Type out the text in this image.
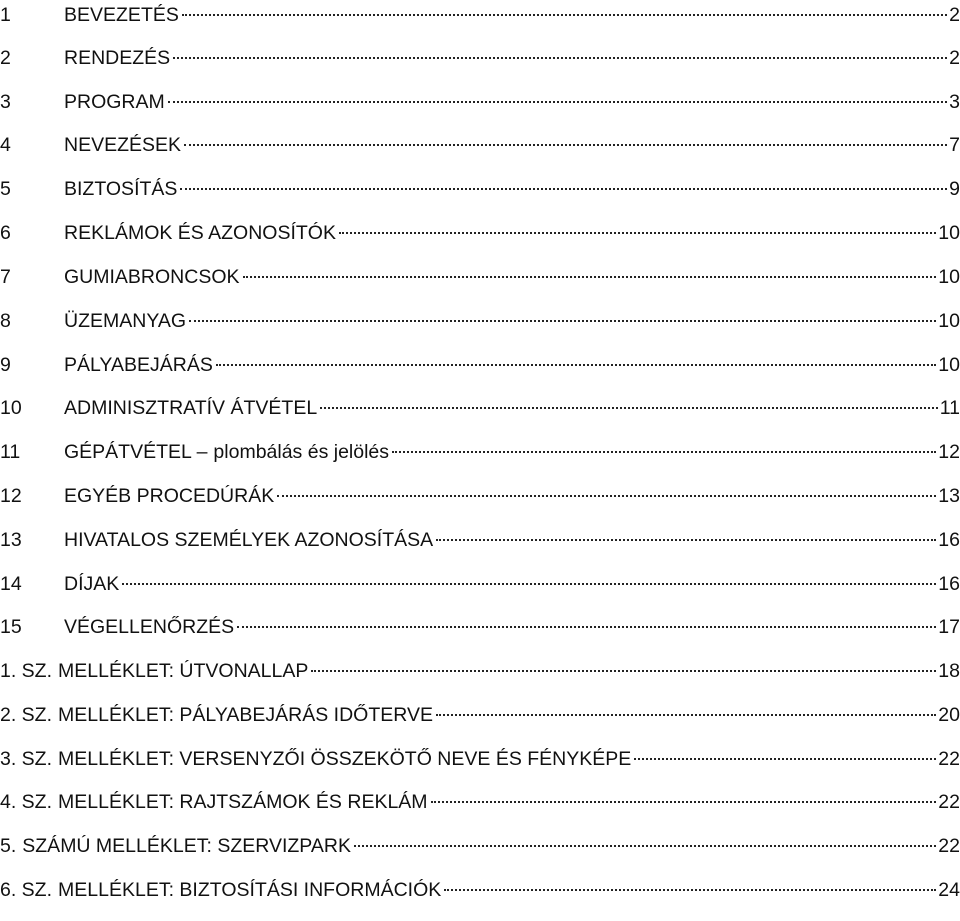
1	BEVEZETÉS	2
2	RENDEZÉS	2
3	PROGRAM	3
4	NEVEZÉSEK	7
5	BIZTOSÍTÁS	9
6	REKLÁMOK ÉS AZONOSÍTÓK	10
7	GUMIABRONCSOK	10
8	ÜZEMANYAG	10
9	PÁLYABEJÁRÁS	10
10	ADMINISZTRATÍV ÁTVÉTEL	11
11	GÉPÁTVÉTEL – plombálás és jelölés	12
12	EGYÉB PROCEDÚRÁK	13
13	HIVATALOS SZEMÉLYEK AZONOSÍTÁSA	16
14	DÍJAK	16
15	VÉGELLENŐRZÉS	17
1. SZ. MELLÉKLET: ÚTVONALLAP	18
2. SZ. MELLÉKLET: PÁLYABEJÁRÁS IDŐTERVE	20
3. SZ. MELLÉKLET: VERSENYZŐI ÖSSZEKÖTŐ NEVE ÉS FÉNYKÉPE	22
4. SZ. MELLÉKLET: RAJTSZÁMOK ÉS REKLÁM	22
5. SZÁMÚ MELLÉKLET: SZERVIZPARK	22
6. SZ. MELLÉKLET: BIZTOSÍTÁSI INFORMÁCIÓK	24
